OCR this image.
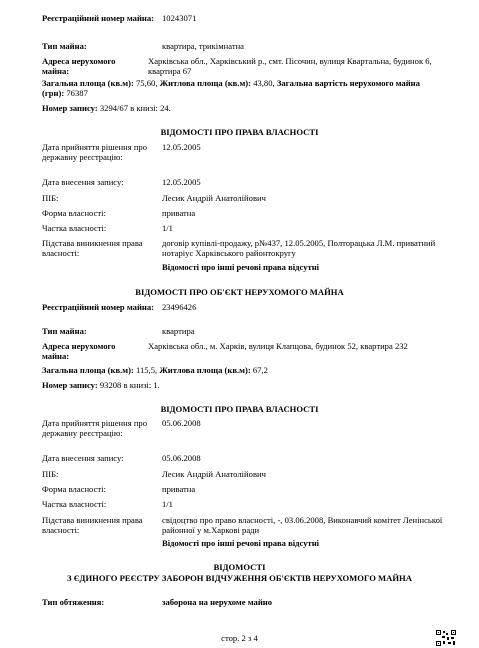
Реєстраційний номер майна: 10243071
Тип майна:	квартира, трикімнатна
Адреса нерухомого майна:
Харківська обл., Харківський р., смт. Пісочин, вулиця Квартальна, будинок 6, квартира 67
Загальна площа (кв.м): 75,60, Житлова площа (кв.м): 43,80, Загальна вартість нерухомого майна (грн): 76387
Номер запису: 3294/67 в книзі: 24.
ВІДОМОСТІ ПРО ПРАВА ВЛАСНОСТІ
Дата прийняття рішення про державну реєстрацію:
12.05.2005
Дата внесення запису:	12.05.2005
ПІБ:	Лесик Андрій Анатолійович
Форма власності:	приватна
Частка власності:	1/1
Підстава виникнення права власності:
договір купівлі-продажу, р№437, 12.05.2005, Полторацька Л.М. приватний нотаріус Харківського районтокругу
Відомості про інші речові права відсутні
ВІДОМОСТІ ПРО ОБ'ЄКТ НЕРУХОМОГО МАЙНА
Реєстраційний номер майна: 23496426
Тип майна:	квартира
Адреса нерухомого майна:
Харківська обл., м. Харків, вулиця Клапцова, будинок 52, квартира 232
Загальна площа (кв.м): 115,5, Житлова площа (кв.м): 67,2
Номер запису: 93208 в книзі: 1.
ВІДОМОСТІ ПРО ПРАВА ВЛАСНОСТІ
Дата прийняття рішення про державну реєстрацію:
05.06.2008
Дата внесення запису:	05.06.2008
ПІБ:	Лесик Андрій Анатолійович
Форма власності:	приватна
Частка власності:	1/1
Підстава виникнення права власності:
свідоцтво про право власності, -, 03.06.2008, Виконавчий комітет Ленінської районної у м.Харкові ради
Відомості про інші речові права відсутні
ВІДОМОСТІ
З ЄДИНОГО РЕЄСТРУ ЗАБОРОН ВІДЧУЖЕННЯ ОБ'ЄКТІВ НЕРУХОМОГО МАЙНА
Тип обтяження:	заборона на нерухоме майно
стор. 2 з 4
